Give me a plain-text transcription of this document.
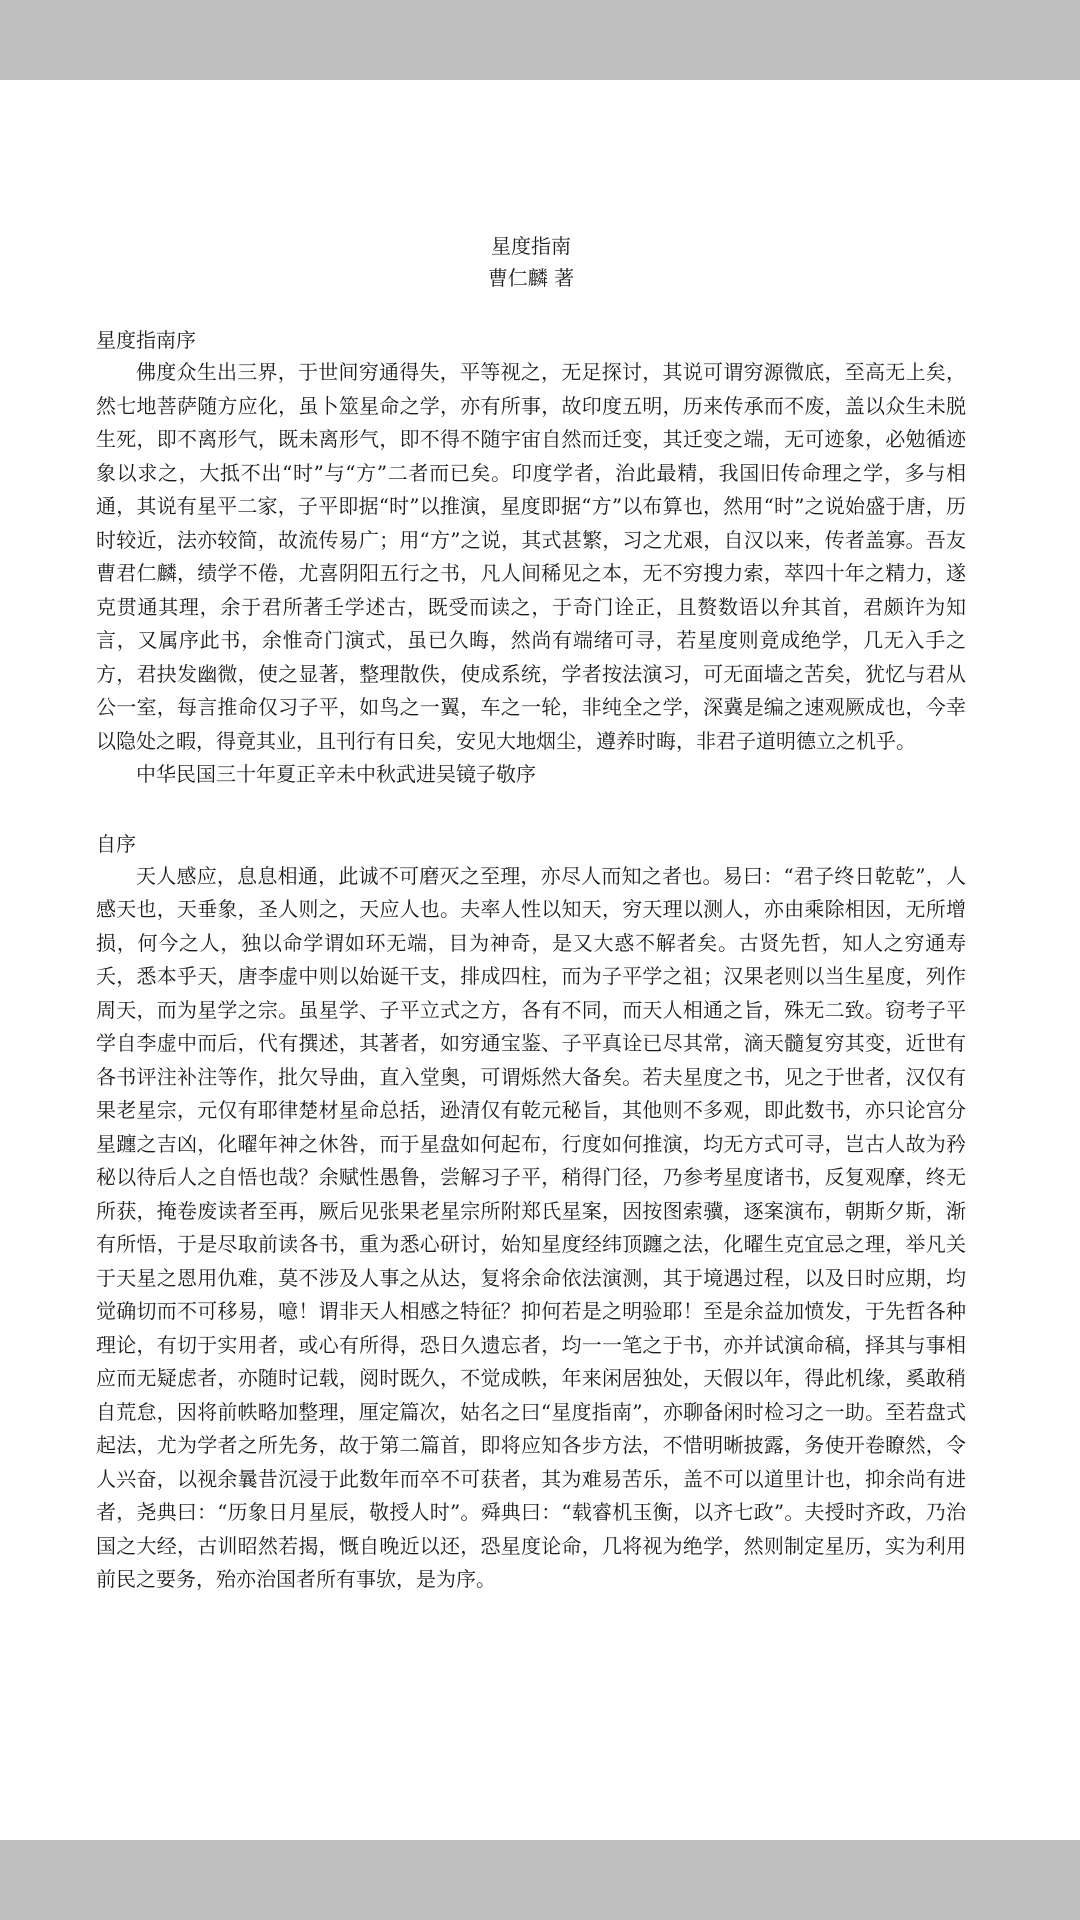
星度指南

曹仁麟 著

星度指南序

佛度众生出三界，于世间穷通得失，平等视之，无足探讨，其说可谓穷源微底，至高无上矣，然七地菩萨随方应化，虽卜筮星命之学，亦有所事，故印度五明，历来传承而不废，盖以众生未脱生死，即不离形气，既未离形气，即不得不随宇宙自然而迁变，其迁变之端，无可迹象，必勉循迹象以求之，大抵不出“时”与“方”二者而已矣。印度学者，治此最精，我国旧传命理之学，多与相通，其说有星平二家，子平即据“时”以推演，星度即据“方”以布算也，然用“时”之说始盛于唐，历时较近，法亦较简，故流传易广；用“方”之说，其式甚繁，习之尤艰，自汉以来，传者盖寡。吾友曹君仁麟，绩学不倦，尤喜阴阳五行之书，凡人间稀见之本，无不穷搜力索，萃四十年之精力，遂克贯通其理，余于君所著壬学述古，既受而读之，于奇门诠正，且赘数语以弁其首，君颇许为知言，又属序此书，余惟奇门演式，虽已久晦，然尚有端绪可寻，若星度则竟成绝学，几无入手之方，君抉发幽微，使之显著，整理散佚，使成系统，学者按法演习，可无面墙之苦矣，犹忆与君从公一室，每言推命仅习子平，如鸟之一翼，车之一轮，非纯全之学，深冀是编之速观厥成也，今幸以隐处之暇，得竟其业，且刊行有日矣，安见大地烟尘，遵养时晦，非君子道明德立之机乎。

中华民国三十年夏正辛未中秋武进吴镜子敬序

自序

天人感应，息息相通，此诚不可磨灭之至理，亦尽人而知之者也。易曰：“君子终日乾乾”，人感天也，天垂象，圣人则之，天应人也。夫率人性以知天，穷天理以测人，亦由乘除相因，无所增损，何今之人，独以命学谓如环无端，目为神奇，是又大惑不解者矣。古贤先哲，知人之穷通寿夭，悉本乎天，唐李虚中则以始诞干支，排成四柱，而为子平学之祖；汉果老则以当生星度，列作周天，而为星学之宗。虽星学、子平立式之方，各有不同，而天人相通之旨，殊无二致。窃考子平学自李虚中而后，代有撰述，其著者，如穷通宝鉴、子平真诠已尽其常，滴天髓复穷其变，近世有各书评注补注等作，批欠导曲，直入堂奥，可谓烁然大备矣。若夫星度之书，见之于世者，汉仅有果老星宗，元仅有耶律楚材星命总括，逊清仅有乾元秘旨，其他则不多观，即此数书，亦只论宫分星躔之吉凶，化曜年神之休咎，而于星盘如何起布，行度如何推演，均无方式可寻，岂古人故为矜秘以待后人之自悟也哉？余赋性愚鲁，尝解习子平，稍得门径，乃参考星度诸书，反复观摩，终无所获，掩卷废读者至再，厥后见张果老星宗所附郑氏星案，因按图索骥，逐案演布，朝斯夕斯，渐有所悟，于是尽取前读各书，重为悉心研讨，始知星度经纬顶躔之法，化曜生克宜忌之理，举凡关于天星之恩用仇难，莫不涉及人事之从达，复将余命依法演测，其于境遇过程，以及日时应期，均觉确切而不可移易，噫！谓非天人相感之特征？抑何若是之明验耶！至是余益加愤发，于先哲各种理论，有切于实用者，或心有所得，恐日久遗忘者，均一一笔之于书，亦并试演命稿，择其与事相应而无疑虑者，亦随时记载，阅时既久，不觉成帙，年来闲居独处，天假以年，得此机缘，奚敢稍自荒怠，因将前帙略加整理，厘定篇次，姑名之曰“星度指南”，亦聊备闲时检习之一助。至若盘式起法，尤为学者之所先务，故于第二篇首，即将应知各步方法，不惜明晰披露，务使开卷瞭然，令人兴奋，以视余曩昔沉浸于此数年而卒不可获者，其为难易苦乐，盖不可以道里计也，抑余尚有进者，尧典曰：“历象日月星辰，敬授人时”。舜典曰：“载睿机玉衡，以齐七政”。夫授时齐政，乃治国之大经，古训昭然若揭，慨自晚近以还，恐星度论命，几将视为绝学，然则制定星历，实为利用前民之要务，殆亦治国者所有事欤，是为序。
